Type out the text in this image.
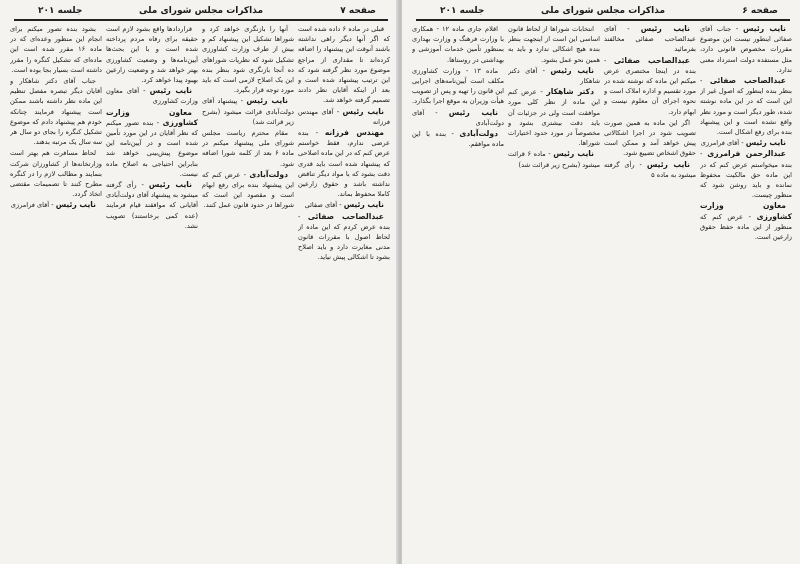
صفحه ۷
مذاکرات مجلس شورای ملی
جلسه ۲۰۱

قبلی در ماده ۶ داده شده است که اگر آنها دیگر راهی نداشته باشند آنوقت این پیشنهاد را اضافه کرده‌اند تا مقداری از مراجع موضوع مورد نظر گرفته شود که این ترتیب پیشنهاد شده است و بعد از اینکه آقایان نظر دادند تصمیم گرفته خواهد شد.

نایب رئیس - آقای مهندس فرزانه

مهندس فرزانه - بنده عرضی ندارم، فقط خواستم عرض کنم که در این ماده اصلاحی که پیشنهاد شده است باید قدری دقت بشود که با مواد دیگر تناقض نداشته باشد و حقوق زارعین کاملا محفوظ بماند.

نایب رئیس - آقای صفائی

عبدالصاحب صفائی - بنده عرض کردم که این ماده از لحاظ اصول با مقررات قانون مدنی مغایرت دارد و باید اصلاح بشود تا اشکالی پیش نیاید.

آنها را بازنگری خواهد کرد و شوراها تشکیل این پیشنهاد کم و بیش از طرف وزارت کشاورزی تشکیل شود که نظریات شوراهای ده آنجا بازنگری شود بنظر بنده این یک اصلاح لازمی است که باید مورد توجه قرار بگیرد.

نایب رئیس - پیشنهاد آقای دولت‌آبادی قرائت میشود (بشرح زیر قرائت شد)

مقام محترم ریاست مجلس شورای ملی پیشنهاد میکنم در ماده ۶ بعد از کلمه شورا اضافه شود.

دولت‌آبادی - عرض کنم که این پیشنهاد بنده برای رفع ابهام است و مقصود این است که شوراها در حدود قانون عمل کنند.

قراردادها واقع بشود لازم است حقیقه برای رفاه مردم پرداخته شده است و با این بحث‌ها آیین‌نامه‌ها و وضعیت کشاورزی بهتر خواهد شد و وضعیت زارعین بهبود پیدا خواهد کرد.

نایب رئیس - آقای معاون وزارت کشاورزی

معاون وزارت کشاورزی - بنده تصور میکنم که نظر آقایان در این مورد تأمین شده است و در آیین‌نامه این موضوع پیش‌بینی خواهد شد بنابراین احتیاجی به اصلاح ماده نیست.

نایب رئیس - رأی گرفته میشود به پیشنهاد آقای دولت‌آبادی آقایانی که موافقند قیام فرمایند (عده کمی برخاستند) تصویب نشد.

بشود بنده تصور میکنم برای انجام این منظور وعده‌ای که در ماده ۱۶ مقرر شده است این ماده‌ای که تشکیل کنگره را مقرر داشته است بسیار بجا بوده است.

جناب آقای دکتر شاهکار و آقایان دیگر تبصره مفصل تنظیم این ماده نظر داشته باشند ممکن است پیشنهاد فرمایند چنانکه خودم هم پیشنهاد دادم که موضوع تشکیل کنگره را بجای دو سال هر سه سال یک مرتبه بدهند.

لحاظ مسافرت هم بهتر است وزارتخانه‌ها از کشاورزان شرکت بنمایند و مطالب لازم را در کنگره مطرح کنند تا تصمیمات مقتضی اتخاذ گردد.

نایب رئیس - آقای فرامرزی

صفحه ۶
مذاکرات مجلس شورای ملی
جلسه ۲۰۱

نایب رئیس - جناب آقای صفائی اینطور نیست این موضوع مقررات مخصوص قانونی دارد، مثل مستفده دولت استرداد معنی ندارد.

عبدالصاحب صفائی - بنظر بنده اینطور که اصول غیر از این است که در این ماده نوشته شده، طور دیگر است و مورد نظر واقع نشده است و این پیشنهاد بنده برای رفع اشکال است.

نایب رئیس - آقای فرامرزی

عبدالرحمن فرامرزی - بنده میخواستم عرض کنم که در این ماده حق مالکیت محفوظ نمانده و باید روشن شود که منظور چیست.

معاون وزارت کشاورزی - عرض کنم که منظور از این ماده حفظ حقوق زارعین است.

نایب رئیس - آقای عبدالصاحب صفائی مخالفند بفرمائید

عبدالصاحب صفائی - بنده در اینجا مختصری عرض میکنم این ماده که نوشته شده در مورد تقسیم و اداره املاک است و نحوه اجرای آن معلوم نیست و ابهام دارد.

اگر این ماده به همین صورت تصویب شود در اجرا اشکالاتی پیش خواهد آمد و ممکن است حقوق اشخاص تضییع شود.

نایب رئیس - رأی گرفته میشود به ماده ۵

انتخابات شوراها از لحاظ قانون اساسی این است از اینجهت بنظر بنده هیچ اشکالی ندارد و باید به همین نحو عمل بشود.

نایب رئیس - آقای دکتر شاهکار

دکتر شاهکار - عرض کنم این ماده از نظر کلی مورد موافقت است ولی در جزئیات آن باید دقت بیشتری بشود و مخصوصاً در مورد حدود اختیارات شوراها.

نایب رئیس - ماده ۶ قرائت میشود (بشرح زیر قرائت شد)

اقلام جاری ماده ۱۲ - همکاری با وزارت فرهنگ و وزارت بهداری بمنظور تأمین خدمات آموزشی و بهداشتی در روستاها.

ماده ۱۳ - وزارت کشاورزی مکلف است آیین‌نامه‌های اجرایی این قانون را تهیه و پس از تصویب هیأت وزیران به موقع اجرا بگذارد.

نایب رئیس - آقای دولت‌آبادی

دولت‌آبادی - بنده با این ماده موافقم.
